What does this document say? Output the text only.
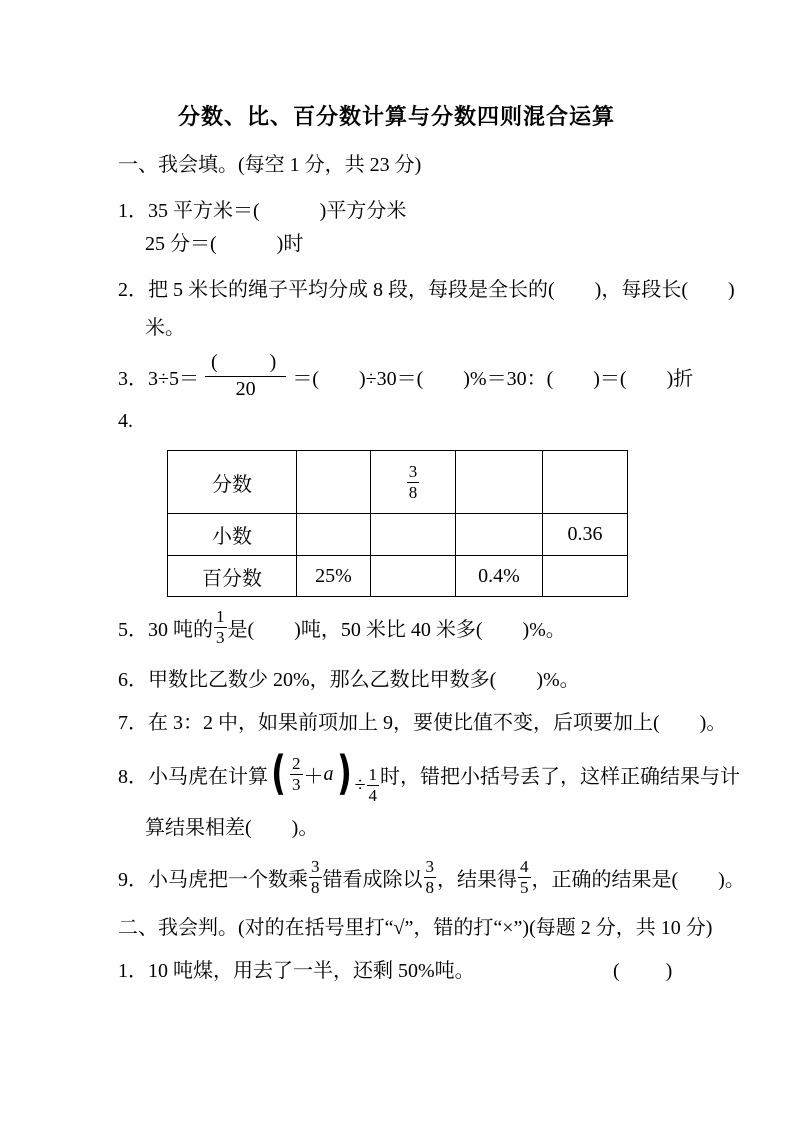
分数、比、百分数计算与分数四则混合运算

一、我会填。(每空 1 分，共 23 分)

1．35 平方米＝(　　　)平方分米

25 分＝(　　　)时

2．把 5 米长的绳子平均分成 8 段，每段是全长的(　　)，每段长(　　)

米。

3．$3\div 5= \frac{( )}{20}$ ＝(　　)÷30＝(　　)%＝30：(　　)＝(　　)折

4.

分数		$\frac{3}{8}$

小数				0.36
百分数	25%		0.4%	
5．30 吨的 $\frac{1}{3}$ 是(　　)吨，50 米比 40 米多(　　)%。

6．甲数比乙数少 20%，那么乙数比甲数多(　　)%。

7．在 3：2 中，如果前项加上 9，要使比值不变，后项要加上(　　)。

8．小马虎在计算 ( $\frac{2}{3} + a$ ) ÷ $\frac{1}{4}$ 时，错把小括号丢了，这样正确结果与计

算结果相差(　　)。

9．小马虎把一个数乘 $\frac{3}{8}$ 错看成除以 $\frac{3}{8}$ ，结果得 $\frac{4}{5}$ ，正确的结果是(　　)。

二、我会判。(对的在括号里打“√”，错的打“×”)(每题 2 分，共 10 分)

1．10 吨煤，用去了一半，还剩 50%吨。	(　　)
